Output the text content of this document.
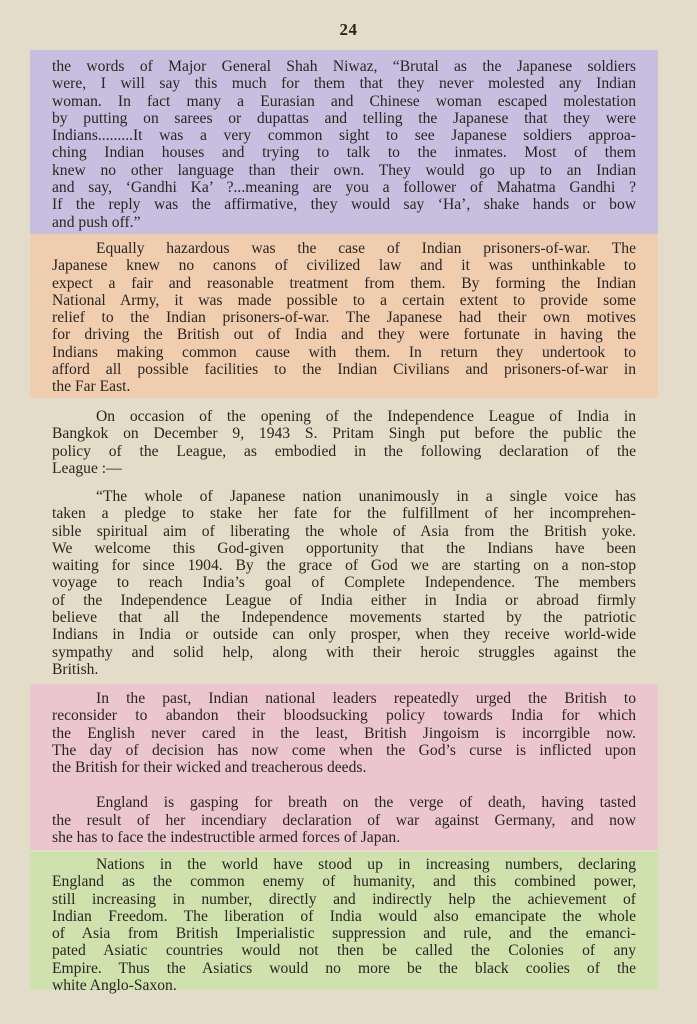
24
the words of Major General Shah Niwaz, “Brutal as the Japanese soldiers
were, I will say this much for them that they never molested any Indian
woman. In fact many a Eurasian and Chinese woman escaped molestation
by putting on sarees or dupattas and telling the Japanese that they were
Indians.........It was a very common sight to see Japanese soldiers approa-
ching Indian houses and trying to talk to the inmates. Most of them
knew no other language than their own. They would go up to an Indian
and say, ‘Gandhi Ka’ ?...meaning are you a follower of Mahatma Gandhi ?
If the reply was the affirmative, they would say ‘Ha’, shake hands or bow
and push off.”
Equally hazardous was the case of Indian prisoners-of-war. The
Japanese knew no canons of civilized law and it was unthinkable to
expect a fair and reasonable treatment from them. By forming the Indian
National Army, it was made possible to a certain extent to provide some
relief to the Indian prisoners-of-war. The Japanese had their own motives
for driving the British out of India and they were fortunate in having the
Indians making common cause with them. In return they undertook to
afford all possible facilities to the Indian Civilians and prisoners-of-war in
the Far East.
On occasion of the opening of the Independence League of India in
Bangkok on December 9, 1943 S. Pritam Singh put before the public the
policy of the League, as embodied in the following declaration of the
League :—
“The whole of Japanese nation unanimously in a single voice has
taken a pledge to stake her fate for the fulfillment of her incomprehen-
sible spiritual aim of liberating the whole of Asia from the British yoke.
We welcome this God-given opportunity that the Indians have been
waiting for since 1904. By the grace of God we are starting on a non-stop
voyage to reach India’s goal of Complete Independence. The members
of the Independence League of India either in India or abroad firmly
believe that all the Independence movements started by the patriotic
Indians in India or outside can only prosper, when they receive world-wide
sympathy and solid help, along with their heroic struggles against the
British.
In the past, Indian national leaders repeatedly urged the British to
reconsider to abandon their bloodsucking policy towards India for which
the English never cared in the least, British Jingoism is incorrgible now.
The day of decision has now come when the God’s curse is inflicted upon
the British for their wicked and treacherous deeds.
England is gasping for breath on the verge of death, having tasted
the result of her incendiary declaration of war against Germany, and now
she has to face the indestructible armed forces of Japan.
Nations in the world have stood up in increasing numbers, declaring
England as the common enemy of humanity, and this combined power,
still increasing in number, directly and indirectly help the achievement of
Indian Freedom. The liberation of India would also emancipate the whole
of Asia from British Imperialistic suppression and rule, and the emanci-
pated Asiatic countries would not then be called the Colonies of any
Empire. Thus the Asiatics would no more be the black coolies of the
white Anglo-Saxon.
